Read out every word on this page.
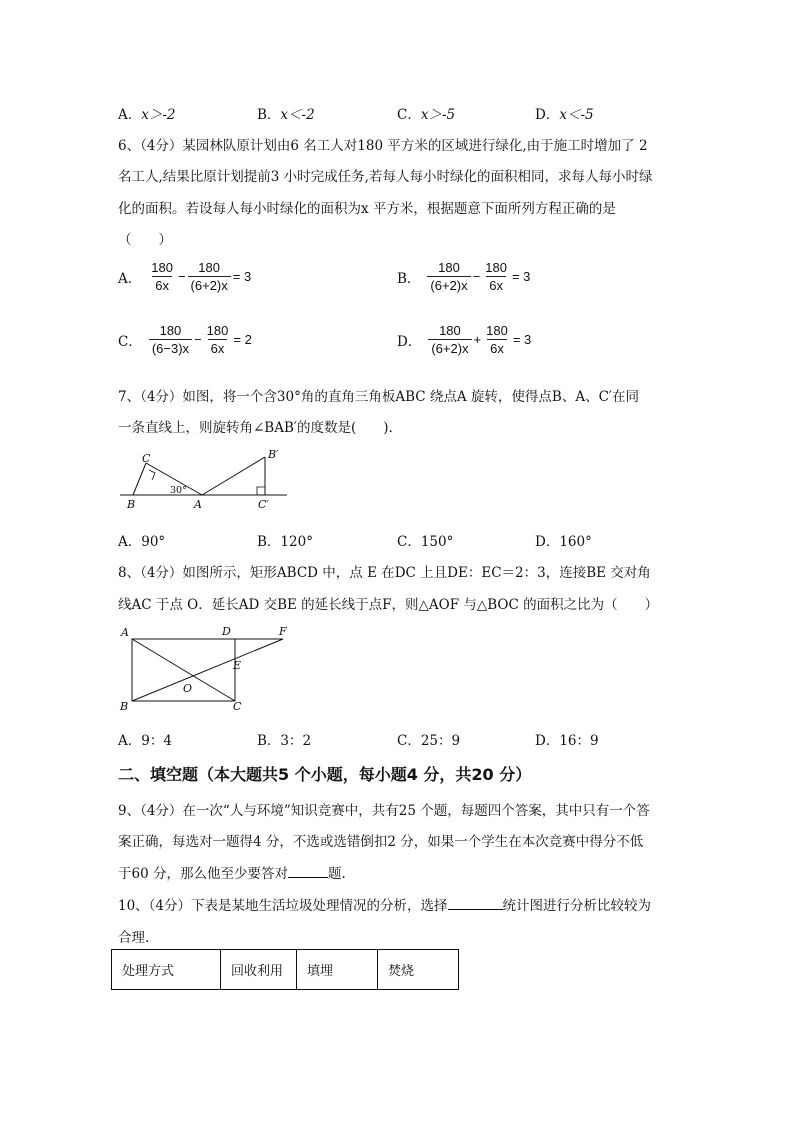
A．x＞-2	B．x＜-2	C．x＞-5	D．x＜-5
6、（4分）某园林队原计划由6 名工人对180 平方米的区域进行绿化,由于施工时增加了 2
名工人,结果比原计划提前3 小时完成任务,若每人每小时绿化的面积相同，求每人每小时绿
化的面积。若设每人每小时绿化的面积为x 平方米，根据题意下面所列方程正确的是
（　　）
A． $\frac{180}{6x} - \frac{180}{(6+2)x} = 3$	B． $\frac{180}{(6+2)x} - \frac{180}{6x} = 3$
C． $\frac{180}{(6-3)x} - \frac{180}{6x} = 2$	D． $\frac{180}{(6+2)x} + \frac{180}{6x} = 3$
7、（4分）如图，将一个含30°角的直角三角板ABC 绕点A 旋转，使得点B、A、C′在同
一条直线上，则旋转角∠BAB′的度数是(　　).
C
B	A
B′
C′
30°
A．90°	B．120°	C．150°	D．160°
8、（4分）如图所示，矩形ABCD 中，点 E 在DC 上且DE：EC＝2：3，连接BE 交对角
线AC 于点 O．延长AD 交BE 的延长线于点F，则△AOF 与△BOC 的面积之比为（　　）
A	D	F
E
O
B	C
A．9：4	B．3：2	C．25：9	D．16：9
二、填空题（本大题共5 个小题，每小题4 分，共20 分）
9、（4分）在一次“人与环境”知识竞赛中，共有25 个题，每题四个答案，其中只有一个答
案正确，每选对一题得4 分，不选或选错倒扣2 分，如果一个学生在本次竞赛中得分不低
于60 分，那么他至少要答对	题.
10、（4分）下表是某地生活垃圾处理情况的分析，选择	统计图进行分析比较较为
合理.
处理方式	回收利用	填埋	焚烧
